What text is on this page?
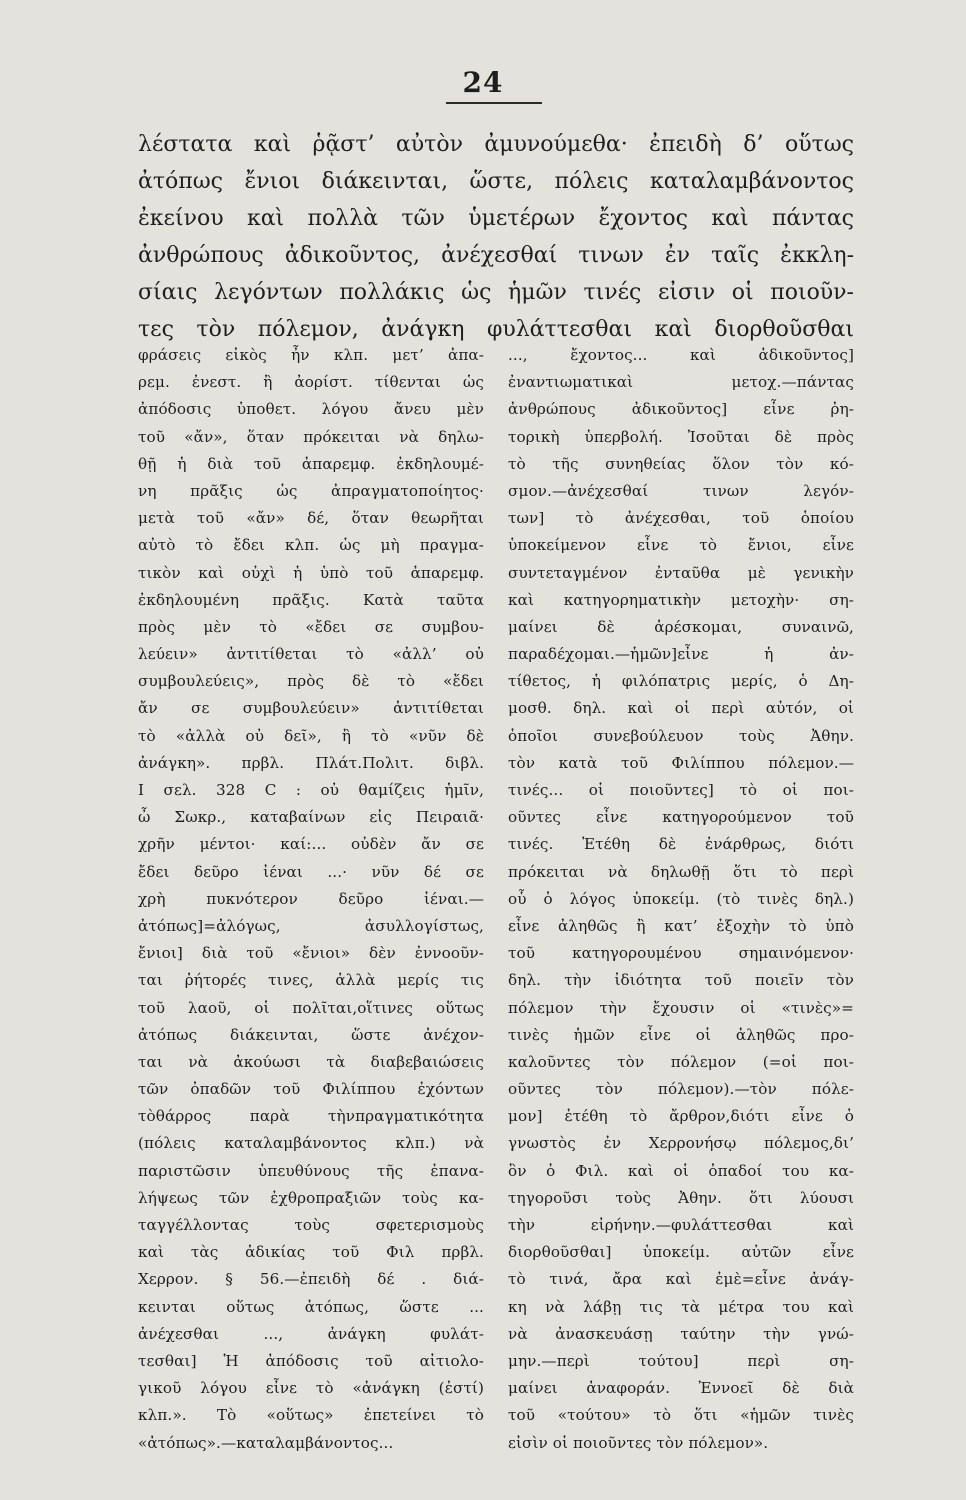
24
λέστατα καὶ ῥᾷστ’ αὐτὸν ἀμυνούμεθα· ἐπειδὴ δ’ οὕτως
ἀτόπως ἔνιοι διάκεινται, ὥστε, πόλεις καταλαμβάνοντος
ἐκείνου καὶ πολλὰ τῶν ὑμετέρων ἔχοντος καὶ πάντας
ἀνθρώπους ἀδικοῦντος, ἀνέχεσθαί τινων ἐν ταῖς ἐκκλη-
σίαις λεγόντων πολλάκις ὡς ἡμῶν τινές εἰσιν οἱ ποιοῦν-
τες τὸν πόλεμον, ἀνάγκη φυλάττεσθαι καὶ διορθοῦσθαι
φράσεις εἰκὸς ἦν κλπ. μετ’ ἀπα-
ρεμ. ἐνεστ. ἢ ἀορίστ. τίθενται ὡς
ἀπόδοσις ὑποθετ. λόγου ἄνευ μὲν
τοῦ «ἄν», ὅταν πρόκειται νὰ δηλω-
θῇ ἡ διὰ τοῦ ἀπαρεμφ. ἐκδηλουμέ-
νη πρᾶξις ὡς ἀπραγματοποίητος·
μετὰ τοῦ «ἄν» δέ, ὅταν θεωρῆται
αὐτὸ τὸ ἔδει κλπ. ὡς μὴ πραγμα-
τικὸν καὶ οὐχὶ ἡ ὑπὸ τοῦ ἀπαρεμφ.
ἐκδηλουμένη πρᾶξις. Κατὰ ταῦτα
πρὸς μὲν τὸ «ἔδει σε συμβου-
λεύειν» ἀντιτίθεται τὸ «ἀλλ’ οὐ
συμβουλεύεις», πρὸς δὲ τὸ «ἔδει
ἄν σε συμβουλεύειν» ἀντιτίθεται
τὸ «ἀλλὰ οὐ δεῖ», ἢ τὸ «νῦν δὲ
ἀνάγκη». πρβλ. Πλάτ.Πολιτ. διβλ.
Ι σελ. 328 C : οὐ θαμίζεις ἡμῖν,
ὦ Σωκρ., καταβαίνων εἰς Πειραιᾶ·
χρῆν μέντοι· καί:... οὐδὲν ἄν σε
ἔδει δεῦρο ἰέναι ...· νῦν δέ σε
χρὴ πυκνότερον δεῦρο ἰέναι.—
ἀτόπως]=ἀλόγως, ἀσυλλογίστως,
ἔνιοι] διὰ τοῦ «ἔνιοι» δὲν ἐννοοῦν-
ται ῥήτορές τινες, ἀλλὰ μερίς τις
τοῦ λαοῦ, οἱ πολῖται,οἵτινες οὕτως
ἀτόπως διάκεινται, ὥστε ἀνέχον-
ται νὰ ἀκούωσι τὰ διαβεβαιώσεις
τῶν ὀπαδῶν τοῦ Φιλίππου ἐχόντων
τὸθάρρος παρὰ τὴνπραγματικότητα
(πόλεις καταλαμβάνοντος κλπ.) νὰ
παριστῶσιν ὑπευθύνους τῆς ἐπανα-
λήψεως τῶν ἐχθροπραξιῶν τοὺς κα-
ταγγέλλοντας τοὺς σφετερισμοὺς
καὶ τὰς ἀδικίας τοῦ Φιλ πρβλ.
Χερρον. § 56.—ἐπειδὴ δέ . διά-
κεινται οὕτως ἀτόπως, ὥστε ...
ἀνέχεσθαι ..., ἀνάγκη φυλάτ-
τεσθαι] Ἡ ἀπόδοσις τοῦ αἰτιολο-
γικοῦ λόγου εἶνε τὸ «ἀνάγκη (ἐστί)
κλπ.». Τὸ «οὕτως» ἐπετείνει τὸ
«ἀτόπως».—καταλαμβάνοντος...
..., ἔχοντος... καὶ ἀδικοῦντος]
ἐναντιωματικαὶ μετοχ.—πάντας
ἀνθρώπους ἀδικοῦντος] εἶνε ῥη-
τορικὴ ὑπερβολή. Ἰσοῦται δὲ πρὸς
τὸ τῆς συνηθείας ὅλον τὸν κό-
σμον.—ἀνέχεσθαί τινων λεγόν-
των] τὸ ἀνέχεσθαι, τοῦ ὁποίου
ὑποκείμενον εἶνε τὸ ἔνιοι, εἶνε
συντεταγμένον ἐνταῦθα μὲ γενικὴν
καὶ κατηγορηματικὴν μετοχὴν· ση-
μαίνει δὲ ἀρέσκομαι, συναινῶ,
παραδέχομαι.—ἡμῶν]εἶνε ἡ ἀν-
τίθετος, ἡ φιλόπατρις μερίς, ὁ Δη-
μοσθ. δηλ. καὶ οἱ περὶ αὐτόν, οἱ
ὁποῖοι συνεβούλευον τοὺς Ἀθην.
τὸν κατὰ τοῦ Φιλίππου πόλεμον.—
τινές... οἱ ποιοῦντες] τὸ οἱ ποι-
οῦντες εἶνε κατηγορούμενον τοῦ
τινές. Ἐτέθη δὲ ἐνάρθρως, διότι
πρόκειται νὰ δηλωθῇ ὅτι τὸ περὶ
οὗ ὁ λόγος ὑποκείμ. (τὸ τινὲς δηλ.)
εἶνε ἀληθῶς ἢ κατ’ ἐξοχὴν τὸ ὑπὸ
τοῦ κατηγορουμένου σημαινόμενον·
δηλ. τὴν ἰδιότητα τοῦ ποιεῖν τὸν
πόλεμον τὴν ἔχουσιν οἱ «τινὲς»=
τινὲς ἡμῶν εἶνε οἱ ἀληθῶς προ-
καλοῦντες τὸν πόλεμον (=οἱ ποι-
οῦντες τὸν πόλεμον).—τὸν πόλε-
μον] ἐτέθη τὸ ἄρθρον,διότι εἶνε ὁ
γνωστὸς ἐν Χερρονήσῳ πόλεμος,δι’
ὃν ὁ Φιλ. καὶ οἱ ὀπαδοί του κα-
τηγοροῦσι τοὺς Ἀθην. ὅτι λύουσι
τὴν εἰρήνην.—φυλάττεσθαι καὶ
διορθοῦσθαι] ὑποκείμ. αὐτῶν εἶνε
τὸ τινά, ἄρα καὶ ἐμὲ=εἶνε ἀνάγ-
κη νὰ λάβῃ τις τὰ μέτρα του καὶ
νὰ ἀνασκευάσῃ ταύτην τὴν γνώ-
μην.—περὶ τούτου] περὶ ση-
μαίνει ἀναφοράν. Ἐννοεῖ δὲ διὰ
τοῦ «τούτου» τὸ ὅτι «ἡμῶν τινὲς
εἰσὶν οἱ ποιοῦντες τὸν πόλεμον».
